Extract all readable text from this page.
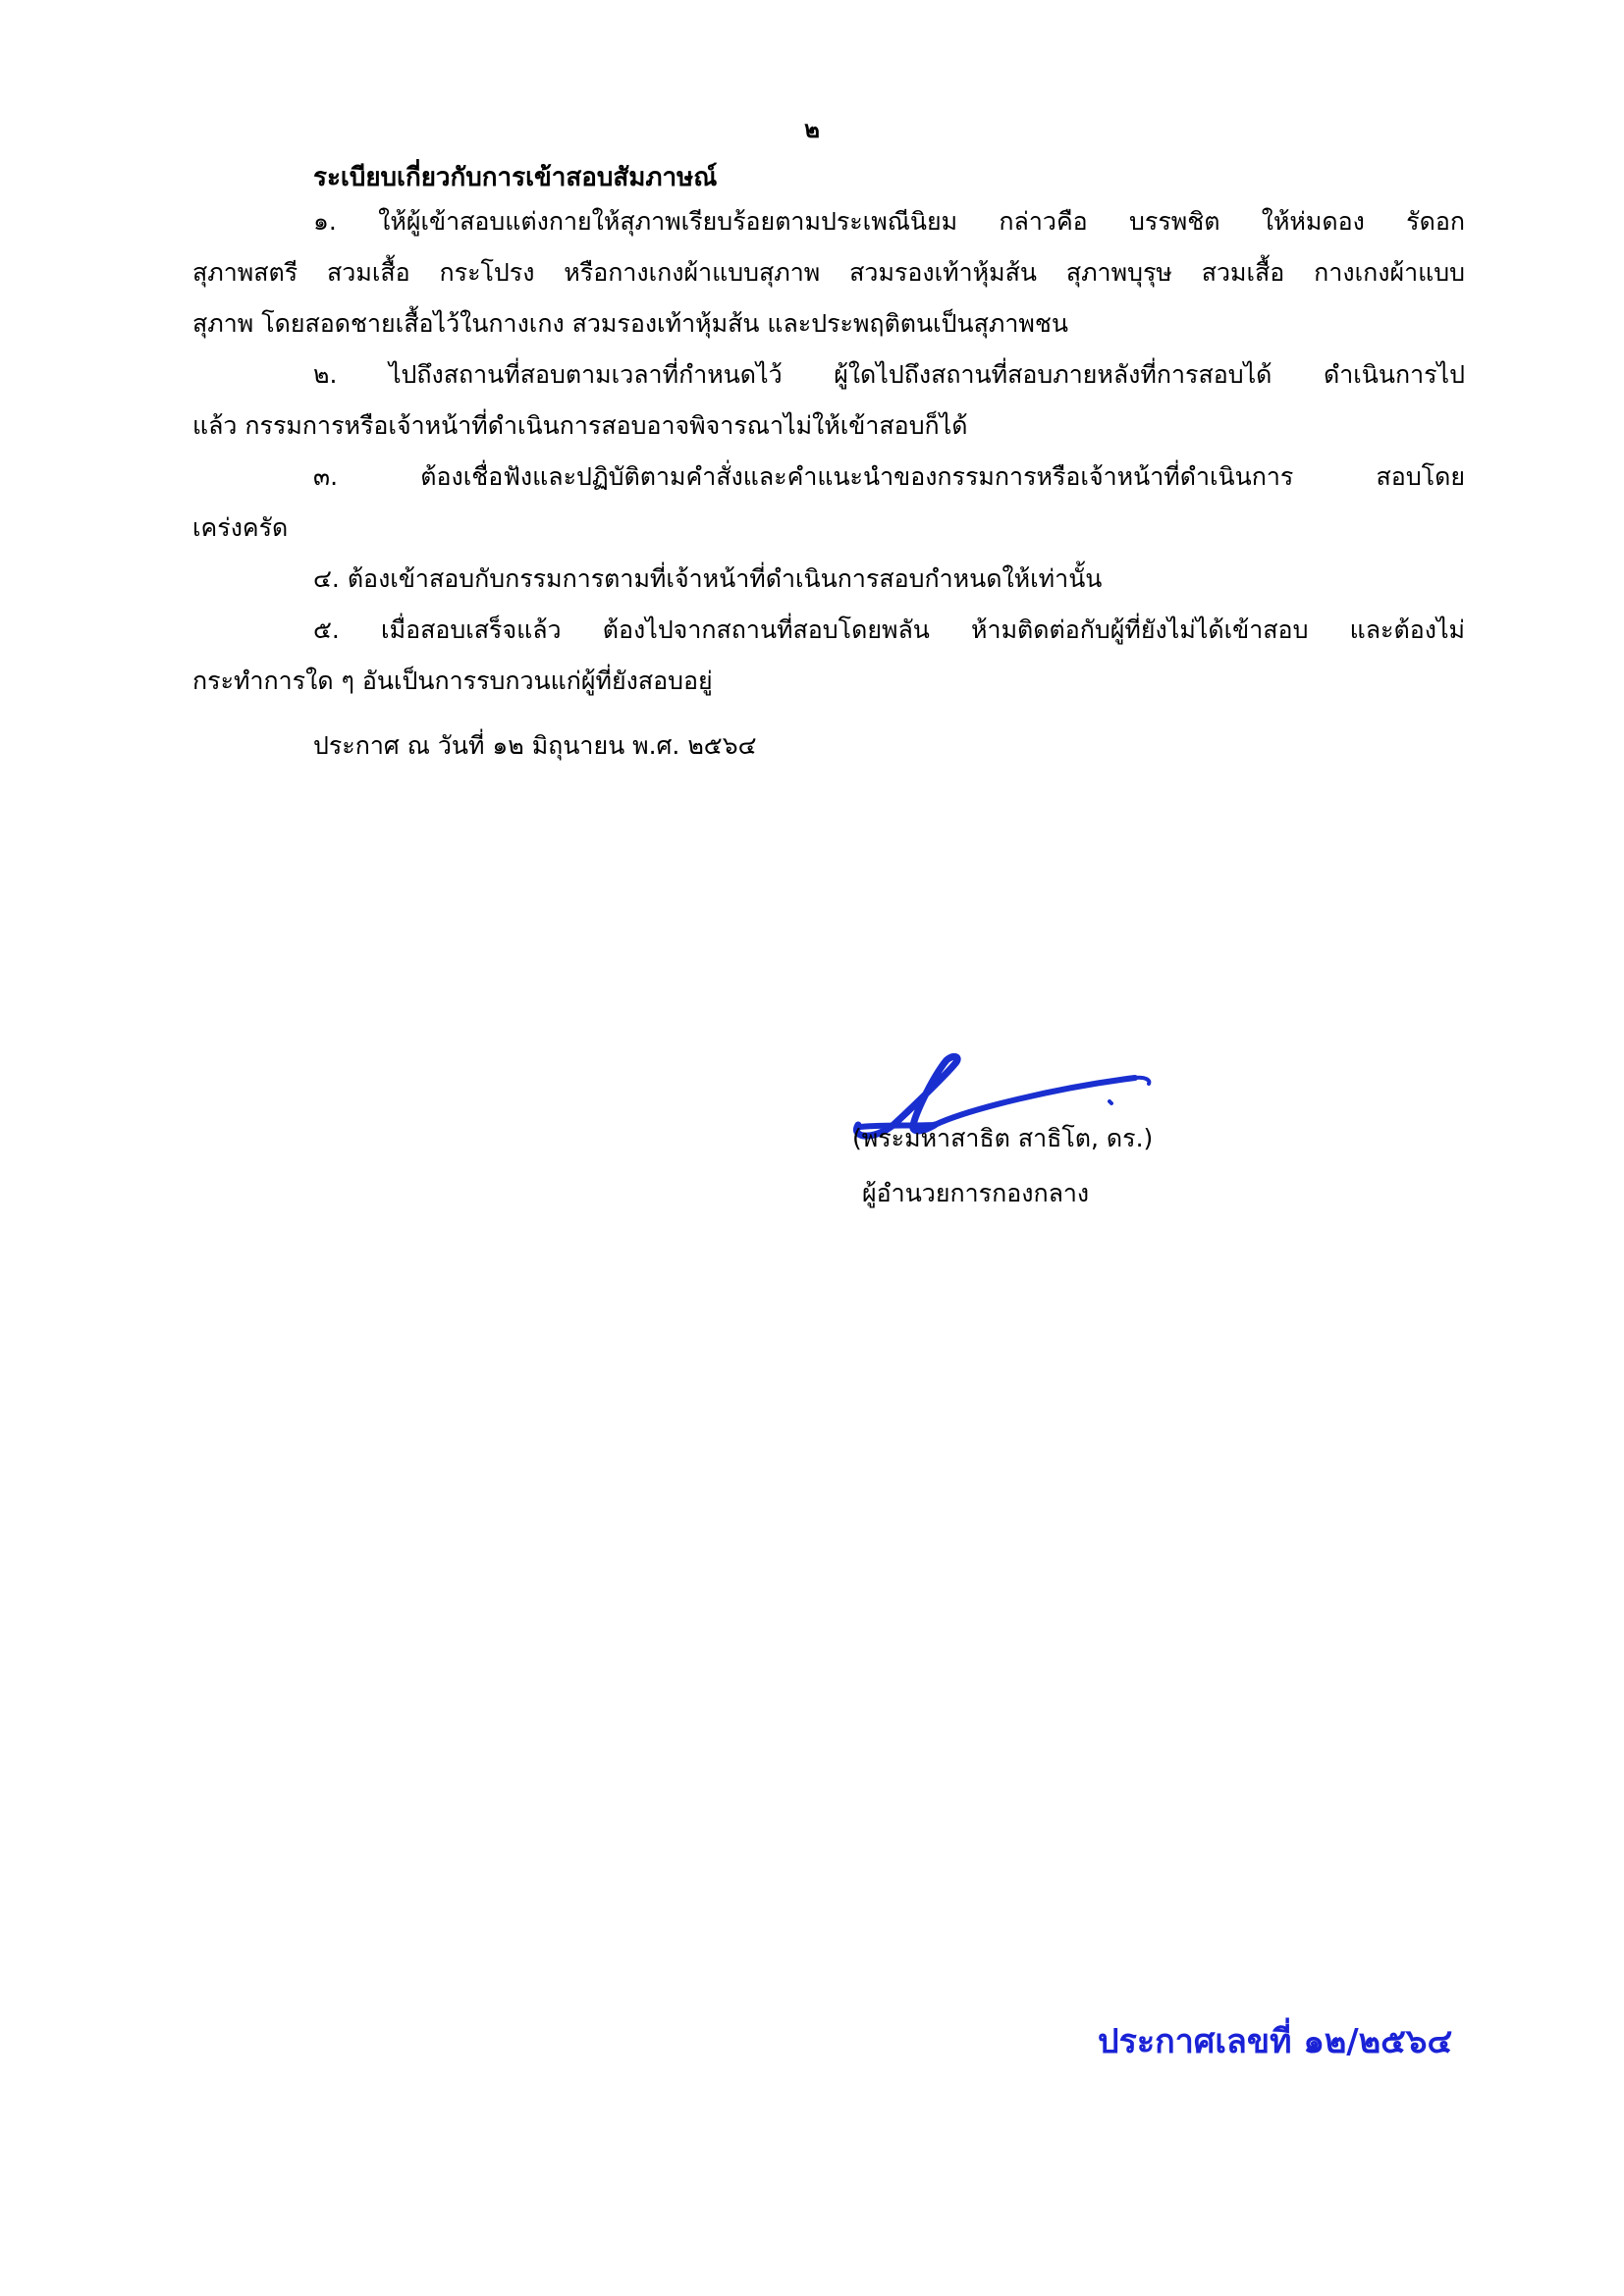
๒
ระเบียบเกี่ยวกับการเข้าสอบสัมภาษณ์
๑. ให้ผู้เข้าสอบแต่งกายให้สุภาพเรียบร้อยตามประเพณีนิยม กล่าวคือ บรรพชิต ให้ห่มดอง รัดอก
สุภาพสตรี สวมเสื้อ กระโปรง หรือกางเกงผ้าแบบสุภาพ สวมรองเท้าหุ้มส้น สุภาพบุรุษ สวมเสื้อ กางเกงผ้าแบบ
สุภาพ โดยสอดชายเสื้อไว้ในกางเกง สวมรองเท้าหุ้มส้น และประพฤติตนเป็นสุภาพชน
๒. ไปถึงสถานที่สอบตามเวลาที่กำหนดไว้ ผู้ใดไปถึงสถานที่สอบภายหลังที่การสอบได้ ดำเนินการไป
แล้ว กรรมการหรือเจ้าหน้าที่ดำเนินการสอบอาจพิจารณาไม่ให้เข้าสอบก็ได้
๓. ต้องเชื่อฟังและปฏิบัติตามคำสั่งและคำแนะนำของกรรมการหรือเจ้าหน้าที่ดำเนินการ สอบโดย
เคร่งครัด
๔. ต้องเข้าสอบกับกรรมการตามที่เจ้าหน้าที่ดำเนินการสอบกำหนดให้เท่านั้น
๕. เมื่อสอบเสร็จแล้ว ต้องไปจากสถานที่สอบโดยพลัน ห้ามติดต่อกับผู้ที่ยังไม่ได้เข้าสอบ และต้องไม่
กระทำการใด ๆ อันเป็นการรบกวนแก่ผู้ที่ยังสอบอยู่
ประกาศ ณ วันที่ ๑๒ มิถุนายน พ.ศ. ๒๕๖๔
(พระมหาสาธิต สาธิโต, ดร.)
ผู้อำนวยการกองกลาง
ประกาศเลขที่ ๑๒/๒๕๖๔
